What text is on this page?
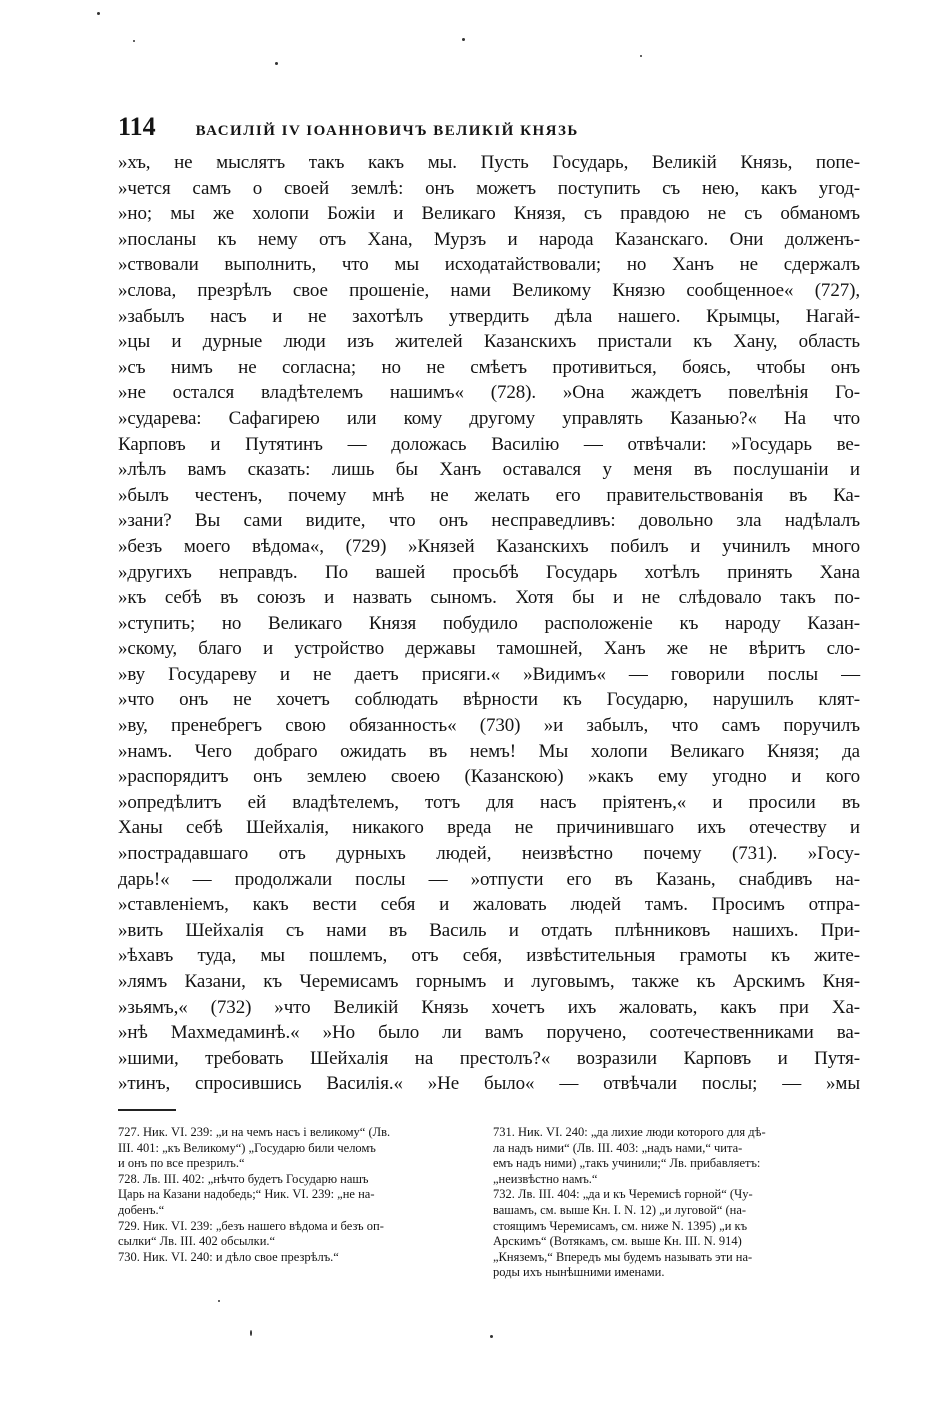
114	ВАСИЛІЙ IV ІОАННОВИЧЪ ВЕЛИКІЙ КНЯЗЬ
»хъ, не мыслятъ такъ какъ мы. Пусть Государь, Великій Князь, попе-
»чется самъ о своей землѣ: онъ можетъ поступить съ нею, какъ угод-
»но; мы же холопи Божіи и Великаго Князя, съ правдою не съ обманомъ
»посланы къ нему отъ Хана, Мурзъ и народа Казанскаго. Они долженъ-
»ствовали выполнить, что мы исходатайствовали; но Ханъ не сдержалъ
»слова, презрѣлъ свое прошеніе, нами Великому Князю сообщенное« (727),
»забылъ насъ и не захотѣлъ утвердить дѣла нашего. Крымцы, Нагай-
»цы и дурные люди изъ жителей Казанскихъ пристали къ Хану, область
»съ нимъ не согласна; но не смѣетъ противиться, боясь, чтобы онъ
»не остался владѣтелемъ нашимъ« (728). »Она жаждетъ повелѣнія Го-
»сударева: Сафагирею или кому другому управлять Казанью?« На что
Карповъ и Путятинъ — доложась Василію — отвѣчали: »Государь ве-
»лѣлъ вамъ сказать: лишь бы Ханъ оставался у меня въ послушаніи и
»былъ честенъ, почему мнѣ не желать его правительствованія въ Ка-
»зани? Вы сами видите, что онъ несправедливъ: довольно зла надѣлалъ
»безъ моего вѣдома«, (729) »Князей Казанскихъ побилъ и учинилъ много
»другихъ неправдъ. По вашей просьбѣ Государь хотѣлъ принять Хана
»къ себѣ въ союзъ и назвать сыномъ. Хотя бы и не слѣдовало такъ по-
»ступить; но Великаго Князя побудило расположеніе къ народу Казан-
»скому, благо и устройство державы тамошней, Ханъ же не вѣритъ сло-
»ву Государеву и не даетъ присяги.« »Видимъ« — говорили послы —
»что онъ не хочетъ соблюдать вѣрности къ Государю, нарушилъ клят-
»ву, пренебрегъ свою обязанность« (730) »и забылъ, что самъ поручилъ
»намъ. Чего добраго ожидать въ немъ! Мы холопи Великаго Князя; да
»распорядитъ онъ землею своею (Казанскою) »какъ ему угодно и кого
»опредѣлитъ ей владѣтелемъ, тотъ для насъ пріятенъ,« и просили въ
Ханы себѣ Шейхалія, никакого вреда не причинившаго ихъ отечеству и
»пострадавшаго отъ дурныхъ людей, неизвѣстно почему (731). »Госу-
дарь!« — продолжали послы — »отпусти его въ Казань, снабдивъ на-
»ставленіемъ, какъ вести себя и жаловать людей тамъ. Просимъ отпра-
»вить Шейхалія съ нами въ Василь и отдать плѣнниковъ нашихъ. При-
»ѣхавъ туда, мы пошлемъ, отъ себя, извѣстительныя грамоты къ жите-
»лямъ Казани, къ Черемисамъ горнымъ и луговымъ, также къ Арскимъ Кня-
»зьямъ,« (732) »что Великій Князь хочетъ ихъ жаловать, какъ при Ха-
»нѣ Махмедаминѣ.« »Но было ли вамъ поручено, соотечественниками ва-
»шими, требовать Шейхалія на престолъ?« возразили Карповъ и Путя-
»тинъ, спросившись Василія.« »Не было« — отвѣчали послы; — »мы
727. Ник. VI. 239: „и на чемъ насъ і великому“ (Лв.
III. 401: „къ Великому“) „Государю били челомъ
и онъ по все презрилъ.“
728. Лв. III. 402: „нѣчто будетъ Государю нашъ
Царь на Казани надобедь;“ Ник. VI. 239: „не на-
добенъ.“
729. Ник. VI. 239: „безъ нашего вѣдома и безъ оп-
сылки“ Лв. III. 402 обсылки.“
730. Ник. VI. 240: и дѣло свое презрѣлъ.“
731. Ник. VI. 240: „да лихие люди которого для дѣ-
ла надъ ними“ (Лв. III. 403: „надъ нами,“ чита-
емъ надъ ними) „такъ учинили;“ Лв. прибавляетъ:
„неизвѣстно намъ.“
732. Лв. III. 404: „да и къ Черемисѣ горной“ (Чу-
вашамъ, см. выше Кн. I. N. 12) „и луговой“ (на-
стоящимъ Черемисамъ, см. ниже N. 1395) „и къ
Арскимъ“ (Вотякамъ, см. выше Кн. III. N. 914)
„Княземъ,“ Впередъ мы будемъ называть эти на-
роды ихъ нынѣшними именами.
